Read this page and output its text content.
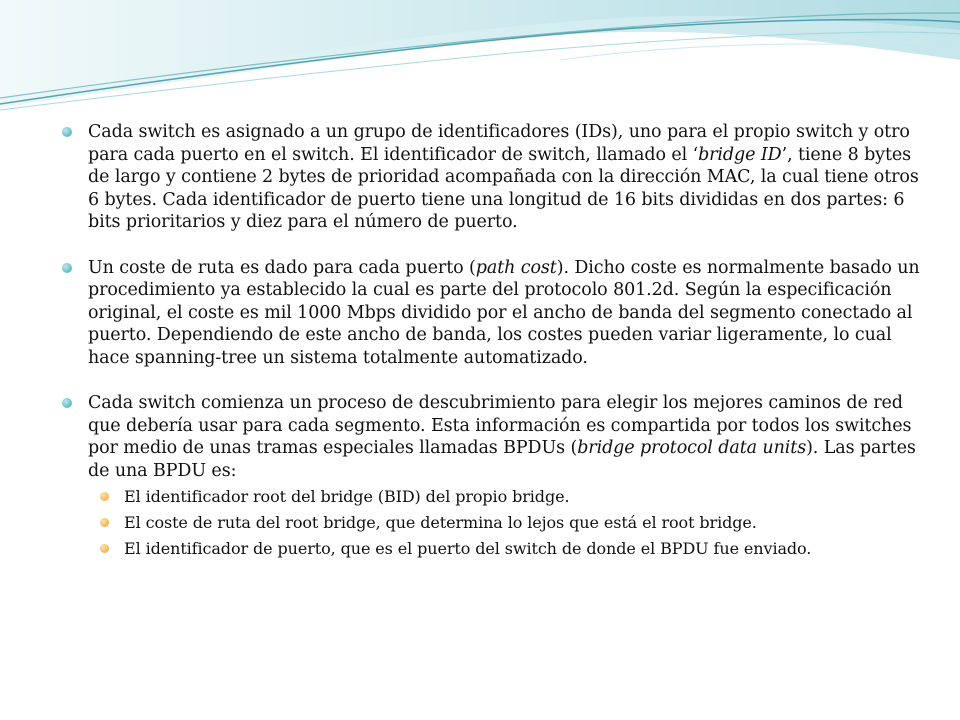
Cada switch es asignado a un grupo de identificadores (IDs), uno para el propio switch y otro para cada puerto en el switch. El identificador de switch, llamado el ‘bridge ID’, tiene 8 bytes de largo y contiene 2 bytes de prioridad acompañada con la dirección MAC, la cual tiene otros 6 bytes. Cada identificador de puerto tiene una longitud de 16 bits divididas en dos partes: 6 bits prioritarios y diez para el número de puerto.
Un coste de ruta es dado para cada puerto (path cost). Dicho coste es normalmente basado un procedimiento ya establecido la cual es parte del protocolo 801.2d. Según la especificación original, el coste es mil 1000 Mbps dividido por el ancho de banda del segmento conectado al puerto. Dependiendo de este ancho de banda, los costes pueden variar ligeramente, lo cual hace spanning-tree un sistema totalmente automatizado.
Cada switch comienza un proceso de descubrimiento para elegir los mejores caminos de red que debería usar para cada segmento. Esta información es compartida por todos los switches por medio de unas tramas especiales llamadas BPDUs (bridge protocol data units). Las partes de una BPDU es:
El identificador root del bridge (BID) del propio bridge.
El coste de ruta del root bridge, que determina lo lejos que está el root bridge.
El identificador de puerto, que es el puerto del switch de donde el BPDU fue enviado.
